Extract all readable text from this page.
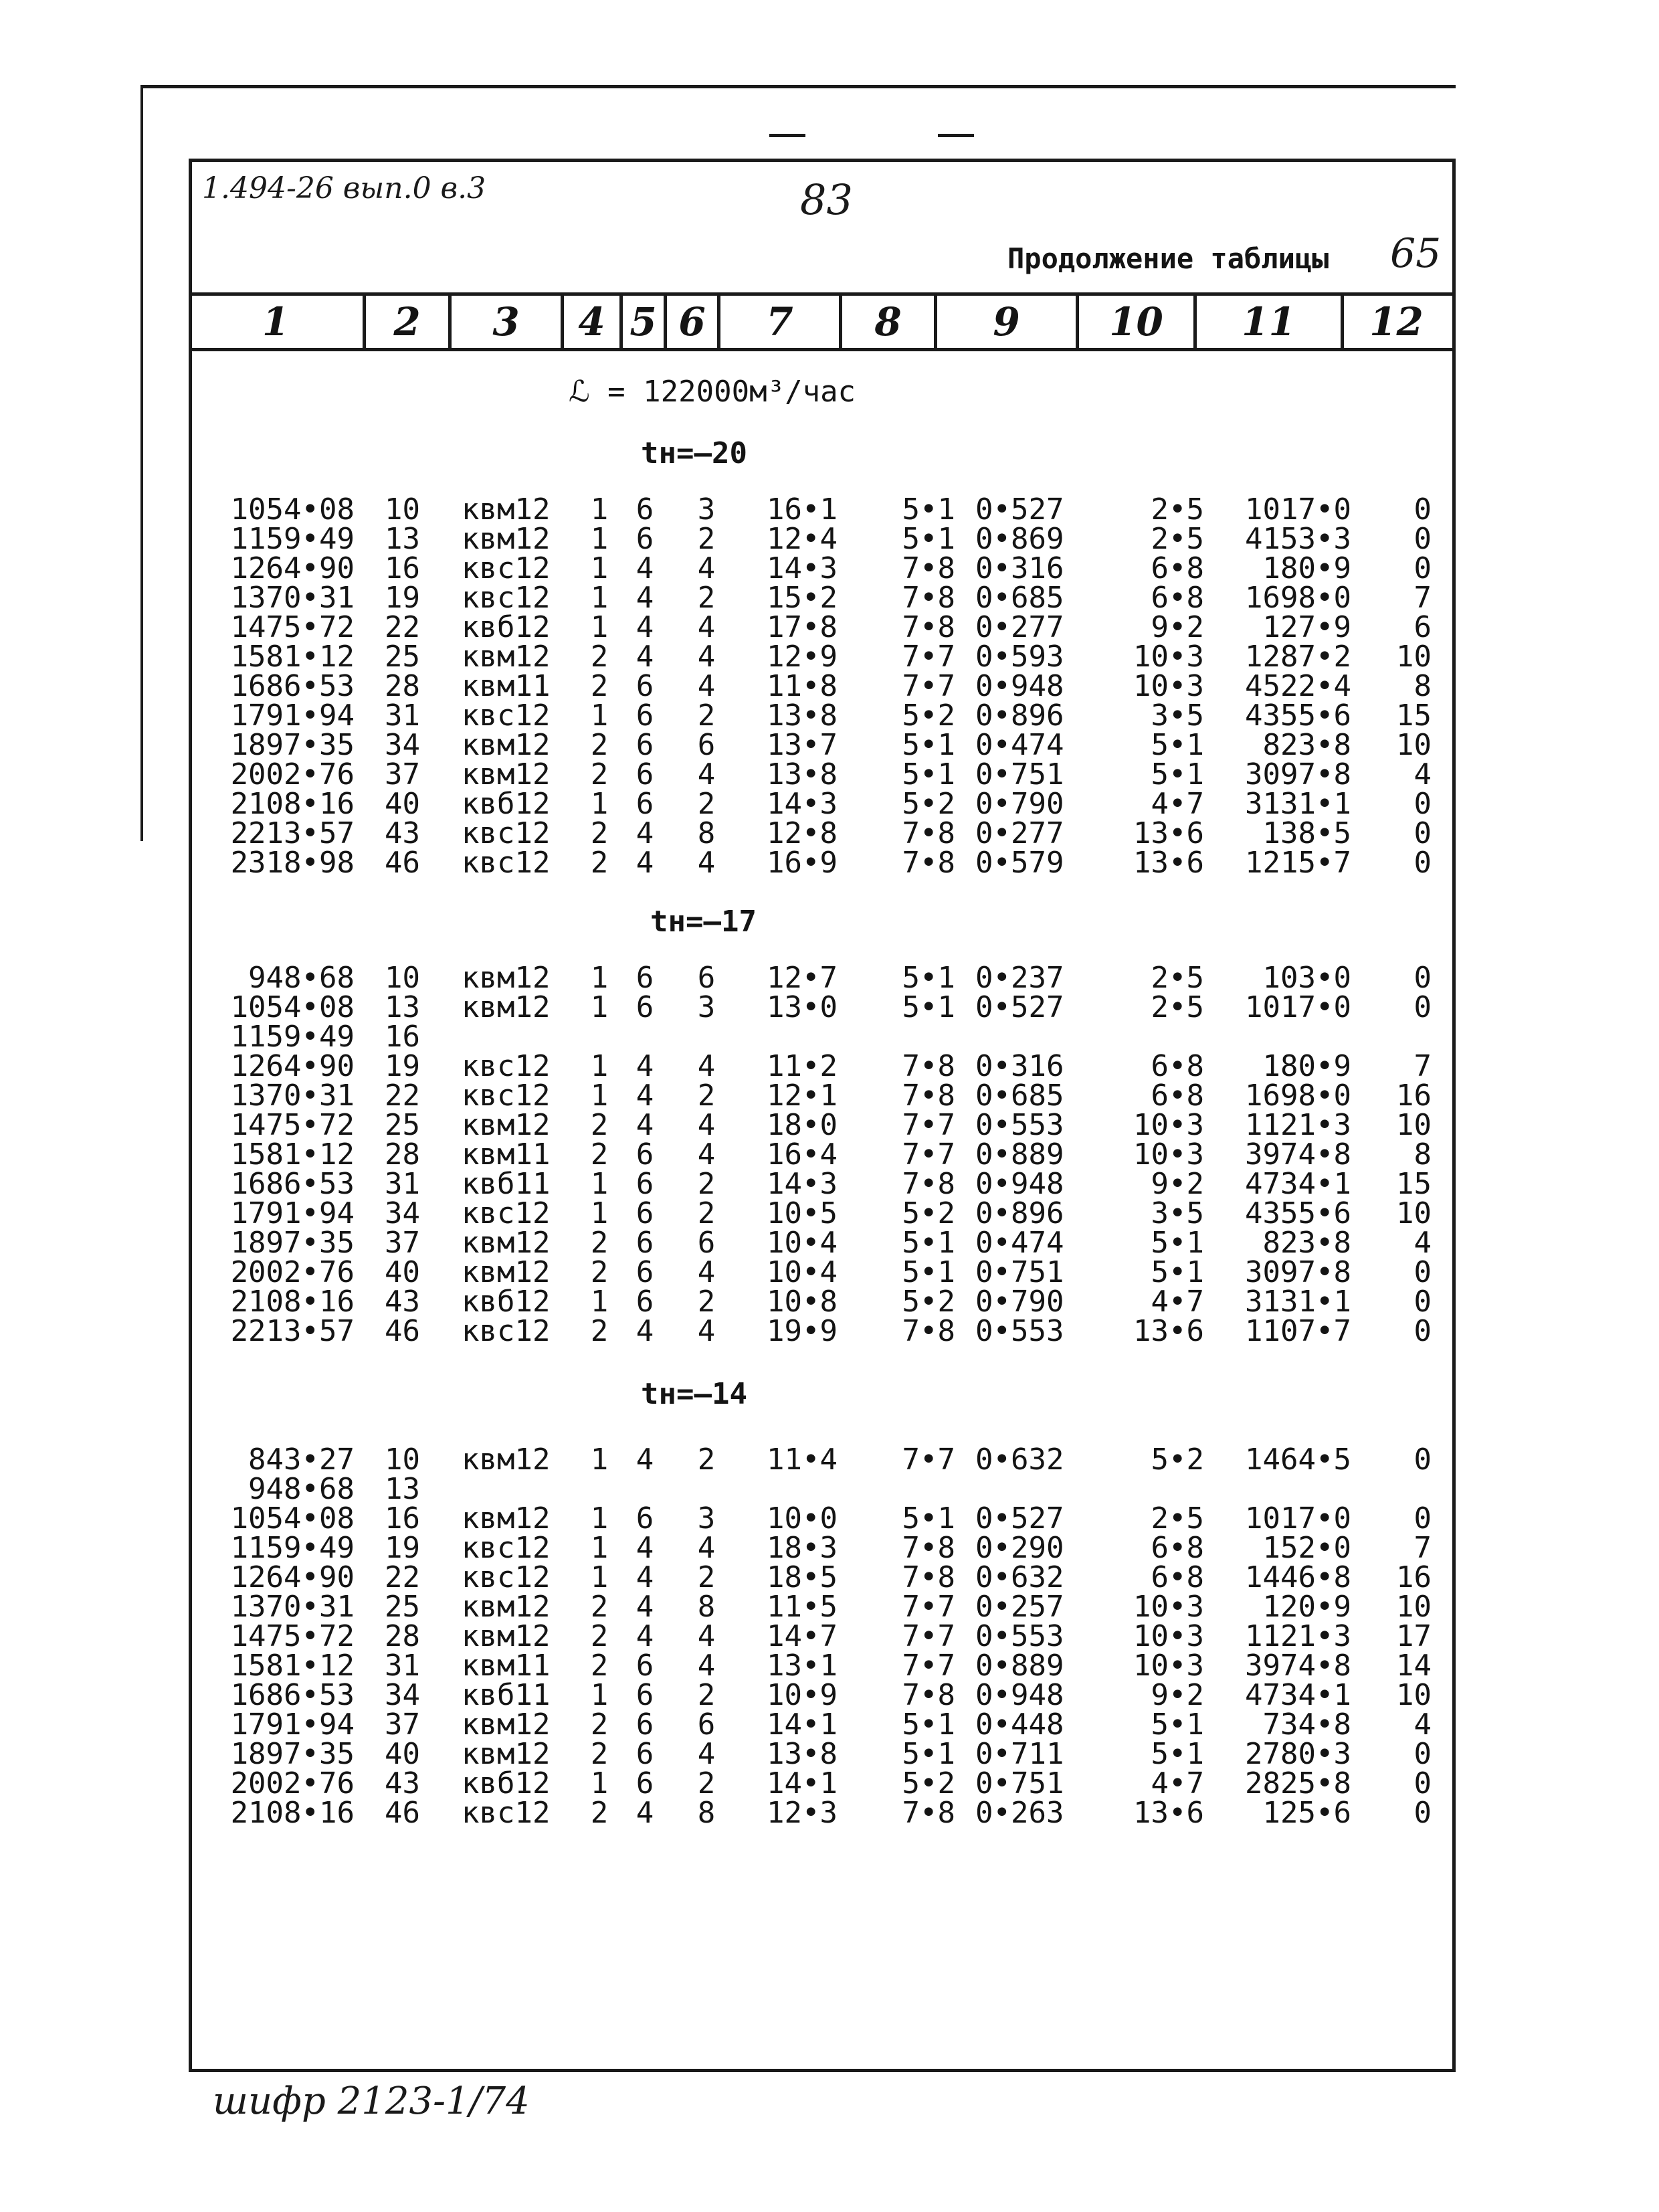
1.494-26 вып.0 в.3	83
Продолжение таблицы 65
1	2	3	4 5 6	7	8	9	10	11	12
ℒ = 122000м³/час
tн=–20
1054•08 10	квм12	1 6 3	16•1	5•1 0•527	2•5	1017•0	0
1159•49 13	квм12	1 6 2	12•4	5•1 0•869	2•5	4153•3	0
1264•90 16	квс12	1 4 4	14•3	7•8 0•316	6•8	180•9	0
1370•31 19	квс12	1 4 2	15•2	7•8 0•685	6•8	1698•0	7
1475•72 22	квб12	1 4 4	17•8	7•8 0•277	9•2	127•9	6
1581•12 25	квм12	2 4 4	12•9	7•7 0•593	10•3	1287•2	10
1686•53 28	квм11	2 6 4	11•8	7•7 0•948	10•3	4522•4	8
1791•94 31	квс12	1 6 2	13•8	5•2 0•896	3•5	4355•6	15
1897•35 34	квм12	2 6 6	13•7	5•1 0•474	5•1	823•8	10
2002•76 37	квм12	2 6 4	13•8	5•1 0•751	5•1	3097•8	4
2108•16 40	квб12	1 6 2	14•3	5•2 0•790	4•7	3131•1	0
2213•57 43	квс12	2 4 8	12•8	7•8 0•277	13•6	138•5	0
2318•98 46	квс12	2 4 4	16•9	7•8 0•579	13•6	1215•7	0
tн=–17
948•68 10	квм12	1 6 6	12•7	5•1 0•237	2•5	103•0	0
1054•08 13	квм12	1 6 3	13•0	5•1 0•527	2•5	1017•0	0
1159•49 16
1264•90 19	квс12	1 4 4	11•2	7•8 0•316	6•8	180•9	7
1370•31 22	квс12	1 4 2	12•1	7•8 0•685	6•8	1698•0	16
1475•72 25	квм12	2 4 4	18•0	7•7 0•553	10•3	1121•3	10
1581•12 28	квм11	2 6 4	16•4	7•7 0•889	10•3	3974•8	8
1686•53 31	квб11	1 6 2	14•3	7•8 0•948	9•2	4734•1	15
1791•94 34	квс12	1 6 2	10•5	5•2 0•896	3•5	4355•6	10
1897•35 37	квм12	2 6 6	10•4	5•1 0•474	5•1	823•8	4
2002•76 40	квм12	2 6 4	10•4	5•1 0•751	5•1	3097•8	0
2108•16 43	квб12	1 6 2	10•8	5•2 0•790	4•7	3131•1	0
2213•57 46	квс12	2 4 4	19•9	7•8 0•553	13•6	1107•7	0
tн=–14
843•27 10	квм12	1 4 2	11•4	7•7 0•632	5•2	1464•5	0
948•68 13
1054•08 16	квм12	1 6 3	10•0	5•1 0•527	2•5	1017•0	0
1159•49 19	квс12	1 4 4	18•3	7•8 0•290	6•8	152•0	7
1264•90 22	квс12	1 4 2	18•5	7•8 0•632	6•8	1446•8	16
1370•31 25	квм12	2 4 8	11•5	7•7 0•257	10•3	120•9	10
1475•72 28	квм12	2 4 4	14•7	7•7 0•553	10•3	1121•3	17
1581•12 31	квм11	2 6 4	13•1	7•7 0•889	10•3	3974•8	14
1686•53 34	квб11	1 6 2	10•9	7•8 0•948	9•2	4734•1	10
1791•94 37	квм12	2 6 6	14•1	5•1 0•448	5•1	734•8	4
1897•35 40	квм12	2 6 4	13•8	5•1 0•711	5•1	2780•3	0
2002•76 43	квб12	1 6 2	14•1	5•2 0•751	4•7	2825•8	0
2108•16 46	квс12	2 4 8	12•3	7•8 0•263	13•6	125•6	0
шифр 2123-1/74
